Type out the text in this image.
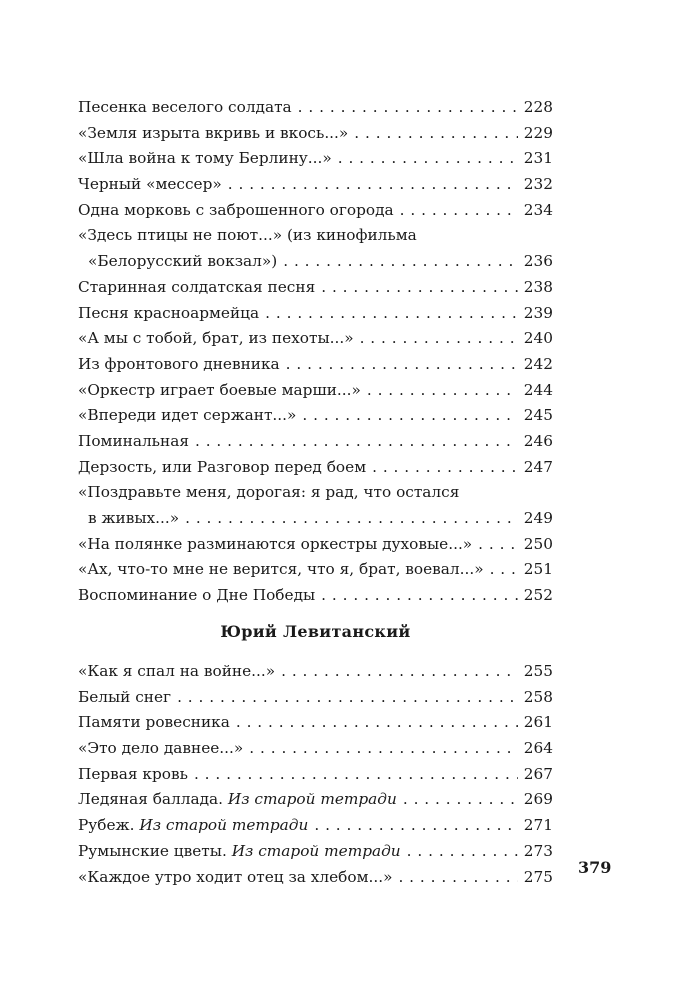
Песенка веселого солдата . . .	228
«Земля изрыта вкривь и вкось...» . . .	229
«Шла война к тому Берлину...» . . .	231
Черный «мессер» . . .	232
Одна морковь с заброшенного огорода . . .	234
«Здесь птицы не поют...» (из кинофильма
«Белорусский вокзал») . . .	236
Старинная солдатская песня . . .	238
Песня красноармейца . . .	239
«А мы с тобой, брат, из пехоты...» . . .	240
Из фронтового дневника . . .	242
«Оркестр играет боевые марши...» . . .	244
«Впереди идет сержант...» . . .	245
Поминальная . . .	246
Дерзость, или Разговор перед боем . . .	247
«Поздравьте меня, дорогая: я рад, что остался
в живых...» . . .	249
«На полянке разминаются оркестры духовые...» . . .	250
«Ах, что-то мне не верится, что я, брат, воевал...» . . .	251
Воспоминание о Дне Победы . . .	252
Юрий Левитанский
«Как я спал на войне...» . . .	255
Белый снег . . .	258
Памяти ровесника . . .	261
«Это дело давнее...» . . .	264
Первая кровь . . .	267
Ледяная баллада. Из старой тетради . . .	269
Рубеж. Из старой тетради . . .	271
Румынские цветы. Из старой тетради . . .	273
«Каждое утро ходит отец за хлебом...» . . .	275 379
